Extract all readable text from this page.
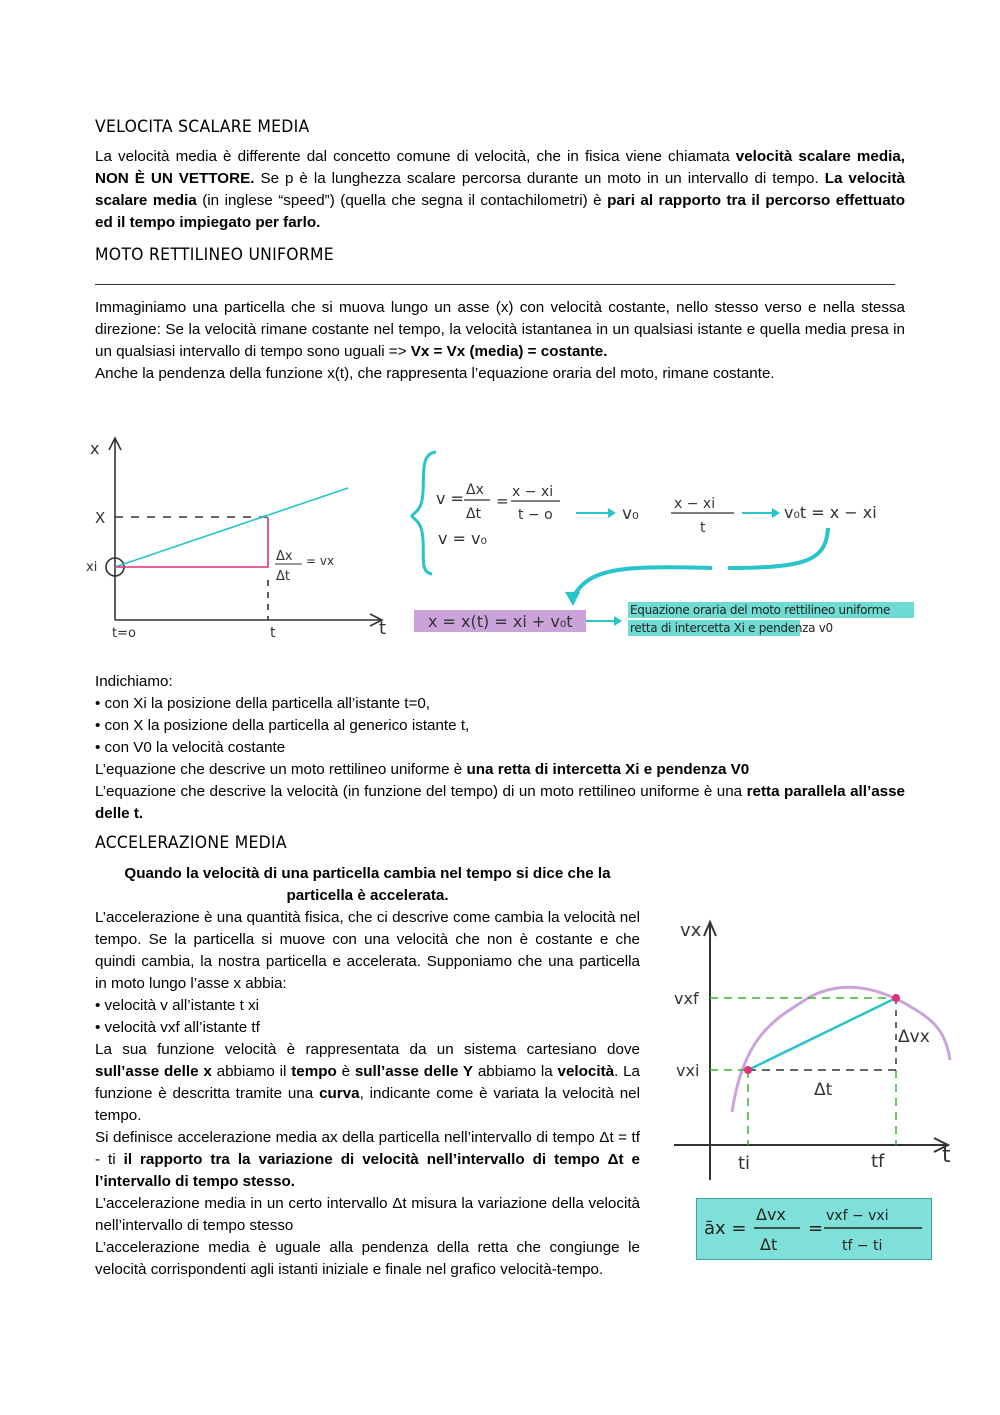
VELOCITA SCALARE MEDIA
La velocità media è differente dal concetto comune di velocità, che in fisica viene chiamata velocità scalare media, NON È UN VETTORE. Se p è la lunghezza scalare percorsa durante un moto in un intervallo di tempo. La velocità scalare media (in inglese “speed”) (quella che segna il contachilometri) è pari al rapporto tra il percorso effettuato ed il tempo impiegato per farlo.
MOTO RETTILINEO UNIFORME
Immaginiamo una particella che si muova lungo un asse (x) con velocità costante, nello stesso verso e nella stessa direzione: Se la velocità rimane costante nel tempo, la velocità istantanea in un qualsiasi istante e quella media presa in un qualsiasi intervallo di tempo sono uguali => Vx = Vx (media) = costante.
Anche la pendenza della funzione x(t), che rappresenta l’equazione oraria del moto, rimane costante.
x
X
xi
t=o	t	t
Δx
Δt
= vx
v = Δx
Δt
= x − xi
t − o
v = v₀
v₀	x − xi
t
v₀t = x − xi
x = x(t) = xi + v₀t
Equazione oraria del moto rettilineo uniforme retta di intercetta Xi e pendenza v0
Indichiamo:
• con Xi la posizione della particella all’istante t=0,
• con X la posizione della particella al generico istante t,
• con V0 la velocità costante
L’equazione che descrive un moto rettilineo uniforme è una retta di intercetta Xi e pendenza V0
L’equazione che descrive la velocità (in funzione del tempo) di un moto rettilineo uniforme è una retta parallela all’asse delle t.
ACCELERAZIONE MEDIA
Quando la velocità di una particella cambia nel tempo si dice che la particella è accelerata.
L’accelerazione è una quantità fisica, che ci descrive come cambia la velocità nel tempo. Se la particella si muove con una velocità che non è costante e che quindi cambia, la nostra particella e accelerata. Supponiamo che una particella in moto lungo l’asse x abbia:
• velocità v all’istante t xi
• velocità vxf all’istante tf
La sua funzione velocità è rappresentata da un sistema cartesiano dove sull’asse delle x abbiamo il tempo è sull’asse delle Y abbiamo la velocità. La funzione è descritta tramite una curva, indicante come è variata la velocità nel tempo.
Si definisce accelerazione media ax della particella nell’intervallo di tempo Δt = tf - ti il rapporto tra la variazione di velocità nell’intervallo di tempo Δt e l’intervallo di tempo stesso.
L’accelerazione media in un certo intervallo Δt misura la variazione della velocità nell’intervallo di tempo stesso
L’accelerazione media è uguale alla pendenza della retta che congiunge le velocità corrispondenti agli istanti iniziale e finale nel grafico velocità-tempo.
vx
vxf
vxi
ti	tf	t
Δvx
Δt
āx =
Δvx
Δt
=
vxf − vxi
tf − ti
